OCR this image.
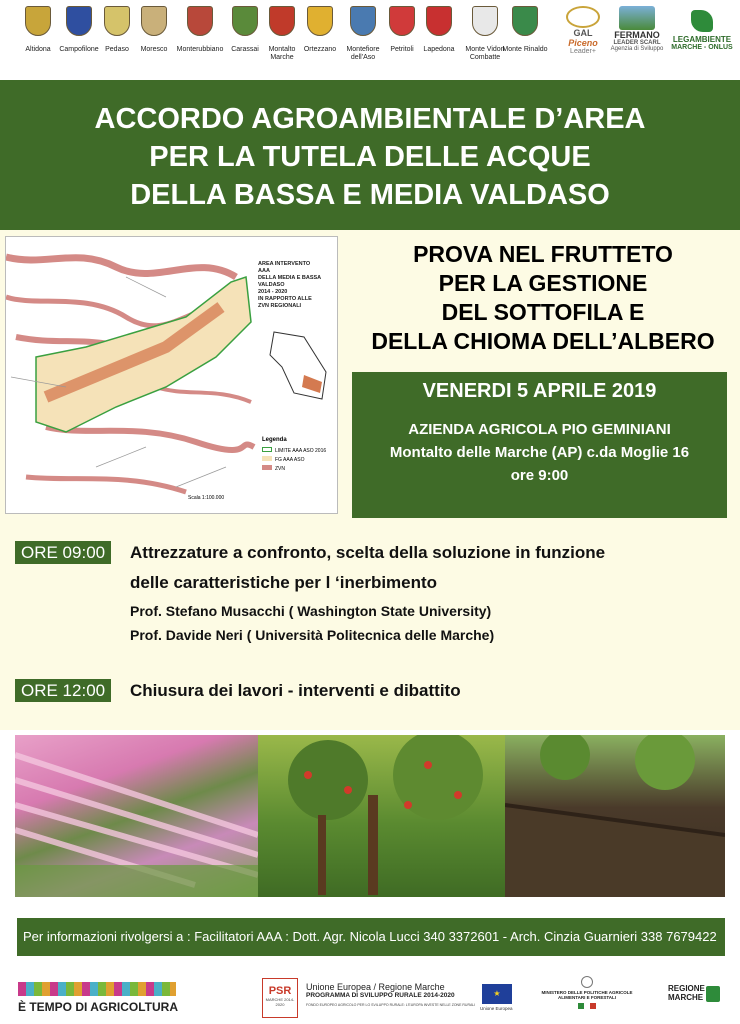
Altidona	Campofilone Pedaso	Moresco	Monterubbiano	Carassai	Montalto Marche
Ortezzano	Montefiore dell'Aso
Petritoli	Lapedona	Monte Vidon Combatte
Monte Rinaldo
GAL
Piceno
Leader+
FERMANO
LEADER SCARL
Agenzia di Sviluppo
LEGAMBIENTE
MARCHE - ONLUS
ACCORDO AGROAMBIENTALE D’AREA
PER LA TUTELA DELLE ACQUE
DELLA BASSA E MEDIA VALDASO
AREA INTERVENTO
AAA
DELLA MEDIA E BASSA
VALDASO
2014 - 2020
IN RAPPORTO ALLE
ZVN REGIONALI
Legenda
LIMITE AAA ASO 2016
FG AAA ASO
ZVN
Scala 1:100.000
PROVA NEL FRUTTETO
PER LA GESTIONE
DEL SOTTOFILA E
DELLA CHIOMA DELL’ALBERO
VENERDI 5 APRILE 2019
AZIENDA AGRICOLA PIO GEMINIANI
Montalto delle Marche (AP) c.da Moglie 16
ore 9:00
ORE 09:00	Attrezzature a confronto, scelta della soluzione in funzione
delle caratteristiche per l ‘inerbimento
Prof. Stefano Musacchi ( Washington State University)
Prof. Davide Neri ( Università Politecnica delle Marche)
ORE 12:00	Chiusura dei lavori - interventi e dibattito
Per informazioni rivolgersi a : Facilitatori AAA : Dott. Agr. Nicola Lucci 340 3372601 - Arch. Cinzia Guarnieri 338 7679422
È TEMPO DI AGRICOLTURA
PSR
MARCHE 2014-2020
Unione Europea / Regione Marche
PROGRAMMA DI SVILUPPO RURALE 2014-2020
FONDO EUROPEO AGRICOLO PER LO SVILUPPO RURALE: L'EUROPA INVESTE NELLE ZONE RURALI
★
Unione Europea
MINISTERO DELLE POLITICHE AGRICOLE ALIMENTARI E FORESTALI
REGIONE
MARCHE
